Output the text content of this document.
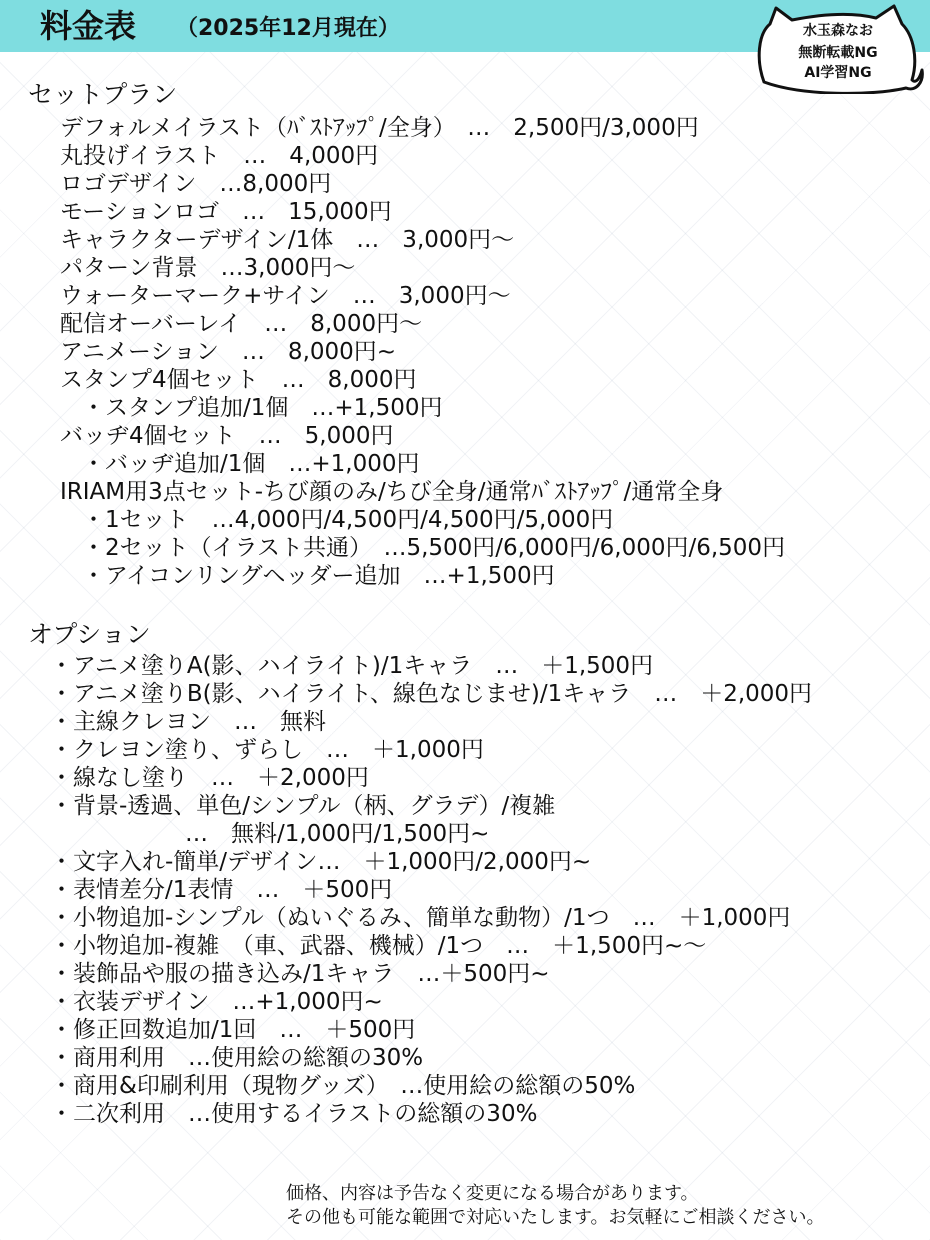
料金表 （2025年12月現在）	水玉森なお
無断転載NG
AI学習NG
セットプラン
デフォルメイラスト（ﾊﾞｽﾄｱｯﾌﾟ/全身）　…　2,500円/3,000円
丸投げイラスト　…　4,000円
ロゴデザイン　…8,000円
モーションロゴ　…　15,000円
キャラクターデザイン/1体　…　3,000円～
パターン背景　…3,000円～
ウォーターマーク+サイン　…　3,000円～
配信オーバーレイ　…　8,000円～
アニメーション　…　8,000円~
スタンプ4個セット　…　8,000円
・スタンプ追加/1個　…+1,500円
バッヂ4個セット　…　5,000円
・バッヂ追加/1個　…+1,000円
IRIAM用3点セット-ちび顔のみ/ちび全身/通常ﾊﾞｽﾄｱｯﾌﾟ/通常全身
・1セット　…4,000円/4,500円/4,500円/5,000円
・2セット（イラスト共通）　…5,500円/6,000円/6,000円/6,500円
・アイコンリングヘッダー追加　…+1,500円
オプション
・アニメ塗りA(影、ハイライト)/1キャラ　…　＋1,500円
・アニメ塗りB(影、ハイライト、線色なじませ)/1キャラ　…　＋2,000円
・主線クレヨン　…　無料
・クレヨン塗り、ずらし　…　＋1,000円
・線なし塗り　…　＋2,000円
・背景-透過、単色/シンプル（柄、グラデ）/複雑
…　無料/1,000円/1,500円~
・文字入れ-簡単/デザイン…　＋1,000円/2,000円~
・表情差分/1表情　…　＋500円
・小物追加-シンプル（ぬいぐるみ、簡単な動物）/1つ　…　＋1,000円
・小物追加-複雑　（車、武器、機械）/1つ　…　＋1,500円~～
・装飾品や服の描き込み/1キャラ　…＋500円~
・衣装デザイン　…+1,000円~
・修正回数追加/1回　…　＋500円
・商用利用　…使用絵の総額の30%
・商用&印刷利用（現物グッズ）　…使用絵の総額の50%
・二次利用　…使用するイラストの総額の30%
価格、内容は予告なく変更になる場合があります。
その他も可能な範囲で対応いたします。お気軽にご相談ください。
